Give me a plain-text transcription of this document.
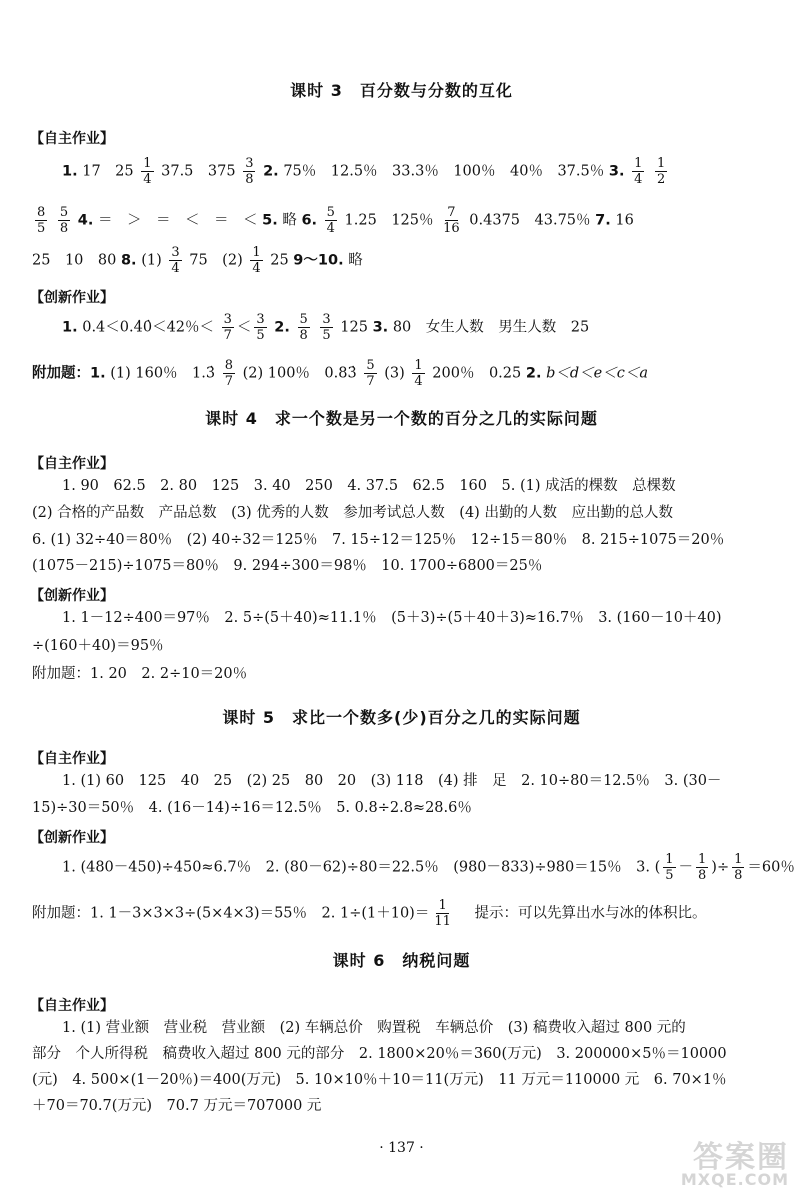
课时 3　百分数与分数的互化
【自主作业】
1. 17　$25 \frac{1}{4} 37.5$　$375 \frac{3}{8} 2$. 75％　12.5％　33.3％　100％　40％　37.5％ 3. $\frac{1}{4}$
$\frac{1}{2}$
$\frac{8}{5}$
$\frac{5}{8} 4$. ＝　＞　＝　＜　＝　＜ 5. 略 6. $\frac{5}{4} 1.25$　125％ $\frac{7}{16} 0.4375$　43.75％ 7. 16
25　10　80 8. $(1) \frac{3}{4} 75$　$(2) \frac{1}{4} 25$ 9～10. 略
【创新作业】
1. 0.4＜0.4̇0̇＜42％＜ $\frac{3}{7} < \frac{3}{5} 2$. $\frac{5}{8}$
$\frac{3}{5} 125$ 3. 80　女生人数　男生人数　25
附加题：1. (1) 160％　1.3̇ $\frac{8}{7} (2)$ 100％　0.83̇ $\frac{5}{7} (3) \frac{1}{4} 200$％　0.25 2. b＜d＜e＜c＜a
课时 4　求一个数是另一个数的百分之几的实际问题
【自主作业】
1. 90　62.5　2. 80　125　3. 40　250　4. 37.5　62.5　160　5. (1) 成活的棵数　总棵数
(2) 合格的产品数　产品总数　(3) 优秀的人数　参加考试总人数　(4) 出勤的人数　应出勤的总人数
6. (1) 32÷40＝80％　(2) 40÷32＝125％　7. 15÷12＝125％　12÷15＝80％　8. 215÷1075＝20％
(1075－215)÷1075＝80％　9. 294÷300＝98％　10. 1700÷6800＝25％
【创新作业】
1. 1－12÷400＝97％　2. 5÷(5＋40)≈11.1％　(5＋3)÷(5＋40＋3)≈16.7％　3. (160－10＋40)
÷(160＋40)＝95％
附加题：1. 20　2. 2÷10＝20％
课时 5　求比一个数多(少)百分之几的实际问题
【自主作业】
1. (1) 60　125　40　25　(2) 25　80　20　(3) 118　(4) 排　足　2. 10÷80＝12.5％　3. (30－
15)÷30＝50％　4. (16－14)÷16＝12.5％　5. 0.8÷2.8≈28.6％
【创新作业】
1. (480－450)÷450≈6.7％　2. (80－62)÷80＝22.5％　(980－833)÷980＝15％　3. ( $\frac{1}{5} - \frac{1}{8}$ )÷ $\frac{1}{8} =60$％
附加题：1. 1－3×3×3÷(5×4×3)＝55％　2. $1\div(1+10)= \frac{1}{11}$ 提示：可以先算出水与冰的体积比。
课时 6　纳税问题
【自主作业】
1. (1) 营业额　营业税　营业额　(2) 车辆总价　购置税　车辆总价　(3) 稿费收入超过 800 元的
部分　个人所得税　稿费收入超过 800 元的部分　2. 1800×20％＝360(万元)　3. 200000×5％＝10000
(元)　4. 500×(1－20％)＝400(万元)　5. 10×10％＋10＝11(万元)　11 万元＝110000 元　6. 70×1％
＋70＝70.7(万元)　70.7 万元＝707000 元
· 137 ·	答案圈
MXQE.COM
